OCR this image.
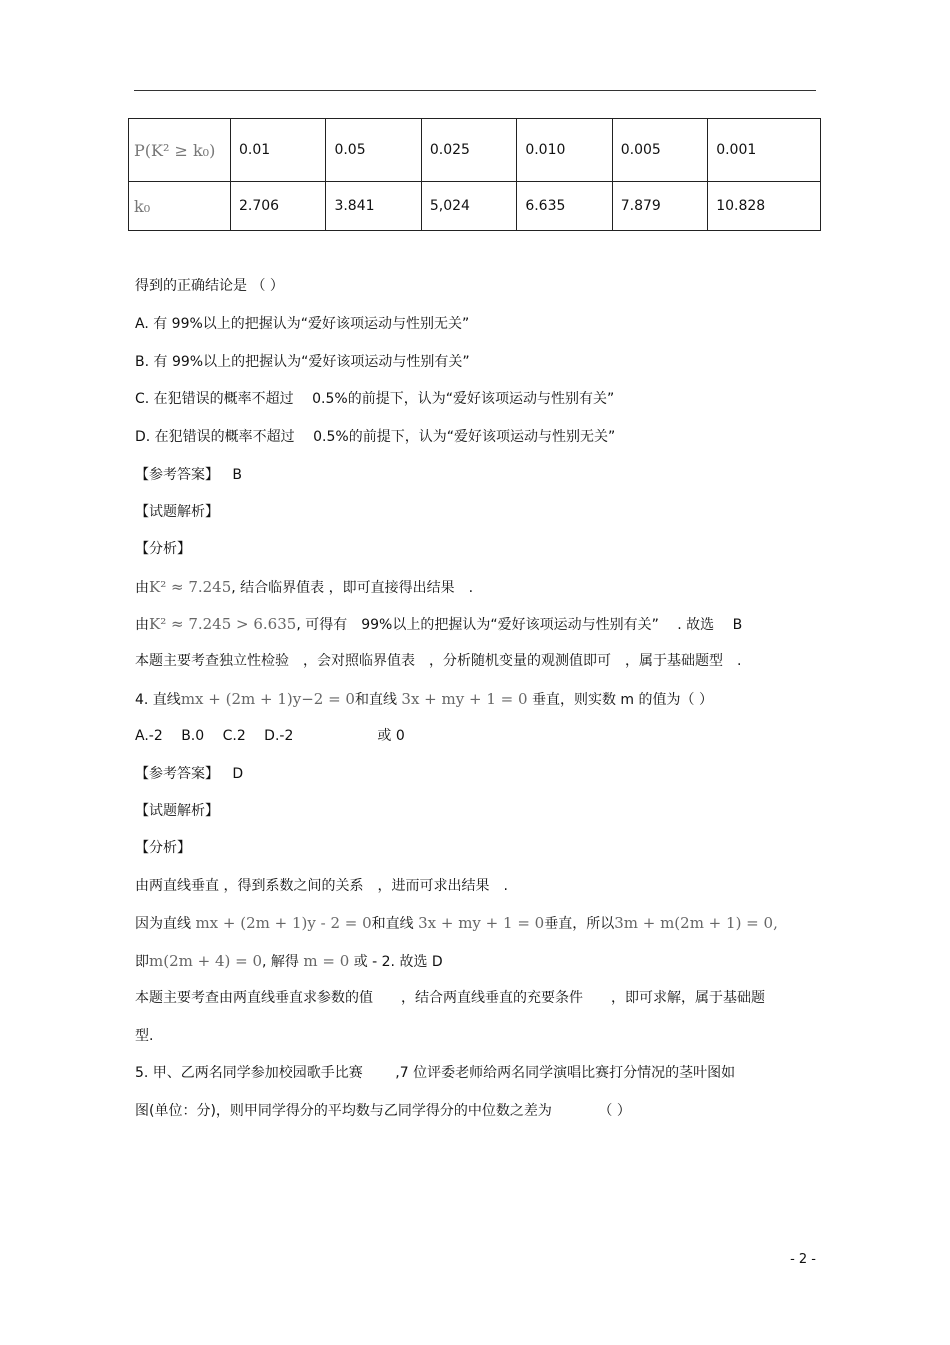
P(K² ≥ k₀)	0.01	0.05	0.025	0.010	0.005	0.001
k₀	2.706	3.841	5,024	6.635	7.879	10.828
得到的正确结论是 （ ）
A. 有 99%以上的把握认为“爱好该项运动与性别无关”
B. 有 99%以上的把握认为“爱好该项运动与性别有关”
C. 在犯错误的概率不超过　 0.5%的前提下，认为“爱好该项运动与性别有关”
D. 在犯错误的概率不超过　 0.5%的前提下，认为“爱好该项运动与性别无关”
【参考答案】 B
【试题解析】
【分析】
由K² ≈ 7.245, 结合临界值表 ，即可直接得出结果　.
由K² ≈ 7.245 > 6.635, 可得有　99%以上的把握认为“爱好该项运动与性别有关”　 . 故选　 B
本题主要考查独立性检验　，会对照临界值表　，分析随机变量的观测值即可　，属于基础题型　.
4. 直线mx + (2m + 1)y−2 = 0和直线 3x + my + 1 = 0 垂直，则实数 m 的值为（ ）
A.-2　 B.0　 C.2　 D.-2　　　　　　或 0
【参考答案】 D
【试题解析】
【分析】
由两直线垂直 ，得到系数之间的关系　，进而可求出结果　.
因为直线 mx + (2m + 1)y - 2 = 0和直线 3x + my + 1 = 0垂直，所以3m + m(2m + 1) = 0,
即m(2m + 4) = 0, 解得 m = 0 或 - 2. 故选 D
本题主要考查由两直线垂直求参数的值　　，结合两直线垂直的充要条件　　，即可求解，属于基础题
型.
5. 甲、乙两名同学参加校园歌手比赛　　 ,7 位评委老师给两名同学演唱比赛打分情况的茎叶图如
图(单位：分)，则甲同学得分的平均数与乙同学得分的中位数之差为　　　 （ ）
- 2 -
